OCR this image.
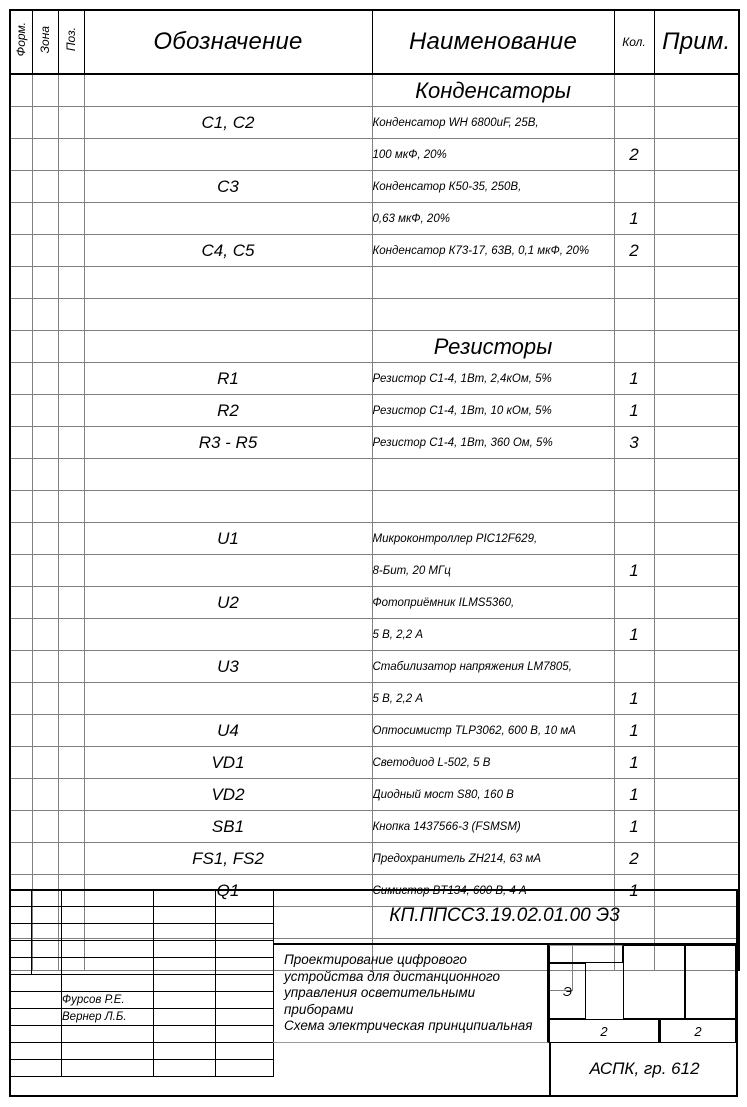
Форм.	Зона	Поз.	Обозначение	Наименование	Кол.	Прим.
				Конденсаторы		
			C1, C2	Конденсатор WH 6800uF, 25В,		
				100 мкФ, 20%	2	
			C3	Конденсатор К50-35, 250В,		
				0,63 мкФ, 20%	1	
			C4, C5	Конденсатор К73-17, 63В, 0,1 мкФ, 20%	2	

				Резисторы		
			R1	Резистор С1-4, 1Вт, 2,4кОм, 5%	1	
			R2	Резистор С1-4, 1Вт, 10 кОм, 5%	1	
			R3 - R5	Резистор С1-4, 1Вт, 360 Ом, 5%	3	

			U1	Микроконтроллер PIC12F629,		
				8-Бит, 20 МГц	1	
			U2	Фотоприёмник ILMS5360,		
				5 В, 2,2 А	1	
			U3	Стабилизатор напряжения LM7805,		
				5 В, 2,2 А	1	
			U4	Оптосимистр TLP3062, 600 В, 10 мА	1	
			VD1	Светодиод L-502, 5 В	1	
			VD2	Диодный мост S80, 160 В	1	
			SB1	Кнопка 1437566-3 (FSMSM)	1	
			FS1, FS2	Предохранитель ZH214, 63 мА	2	
			Q1	Симистор BT134, 600 В, 4 А	1	

		Фурсов Р.Е.		
		Вернер Л.Б.		

КП.ППСС3.19.02.01.00 Э3
Проектирование цифрового
устройства для дистанционного
управления осветительными
приборами
Схема электрическая принципиальная
Э
2	2
АСПК, гр. 612
